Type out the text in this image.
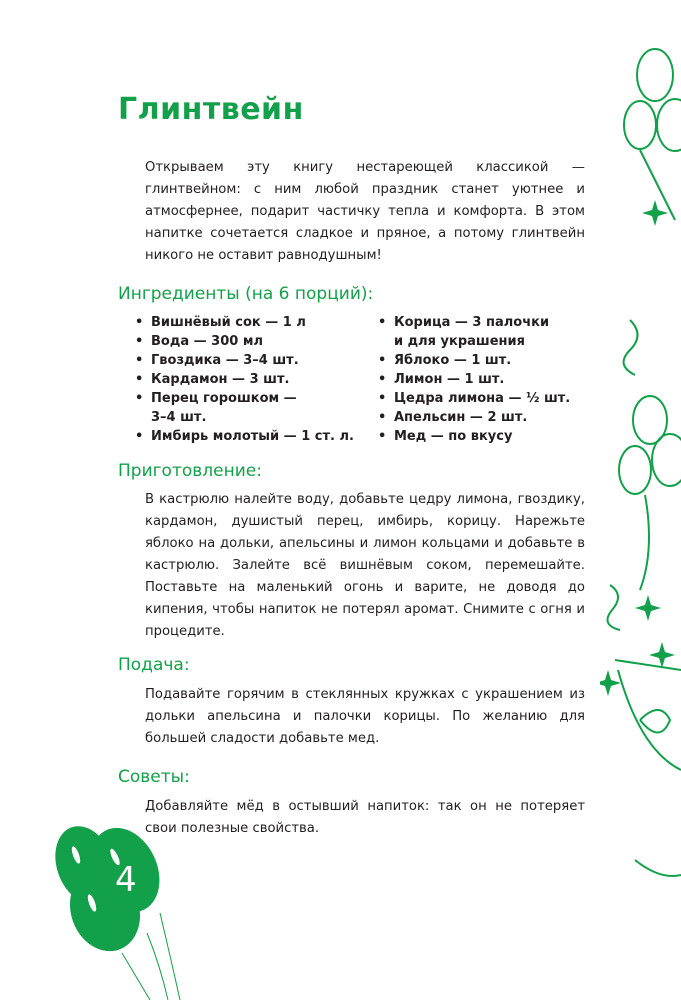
Глинтвейн
Открываем эту книгу нестареющей классикой — глинтвейном: с ним любой праздник станет уютнее и атмосфернее, подарит частичку тепла и комфорта. В этом напитке сочетается сладкое и пряное, а потому глинтвейн никого не оставит равнодушным!
Ингредиенты (на 6 порций):
• Вишнёвый сок — 1 л
• Вода — 300 мл
• Гвоздика — 3–4 шт.
• Кардамон — 3 шт.
• Перец горошком — 3–4 шт.
• Имбирь молотый — 1 ст. л.
• Корица — 3 палочки и для украшения
• Яблоко — 1 шт.
• Лимон — 1 шт.
• Цедра лимона — ½ шт.
• Апельсин — 2 шт.
• Мед — по вкусу
Приготовление:
В кастрюлю налейте воду, добавьте цедру лимона, гвоздику, кардамон, душистый перец, имбирь, корицу. Нарежьте яблоко на дольки, апельсины и лимон кольцами и добавьте в кастрюлю. Залейте всё вишнёвым соком, перемешайте. Поставьте на маленький огонь и варите, не доводя до кипения, чтобы напиток не потерял аромат. Снимите с огня и процедите.
Подача:
Подавайте горячим в стеклянных кружках с украшением из дольки апельсина и палочки корицы. По желанию для большей сладости добавьте мед.
Советы:
Добавляйте мёд в остывший напиток: так он не потеряет свои полезные свойства.
4
